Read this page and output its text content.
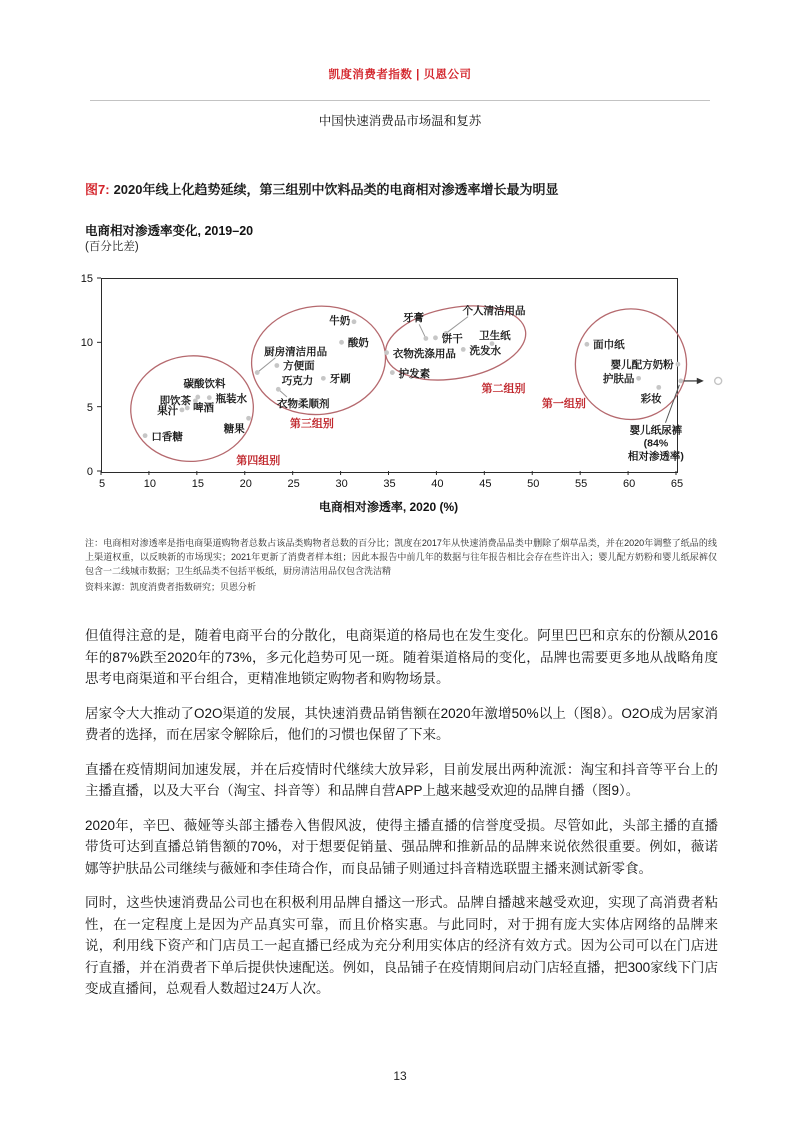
凯度消费者指数 | 贝恩公司
中国快速消费品市场温和复苏
图7: 2020年线上化趋势延续，第三组别中饮料品类的电商相对渗透率增长最为明显
电商相对渗透率变化, 2019–20
(百分比差)
5	10	15	20	25	30	35	40	45	50	55	60	65
0
5
10
15
碳酸饮料
即饮茶 瓶装水
果汁 啤酒
糖果
口香糖
第四组别
牛奶
酸奶
厨房清洁用品
方便面
巧克力 牙刷
衣物柔顺剂
第三组别
牙膏
个人清洁用品
饼干 卫生纸
洗发水
衣物洗涤用品
护发素
第二组别
面巾纸
婴儿配方奶粉
护肤品
彩妆
第一组别
婴儿纸尿裤
(84%
相对渗透率)
电商相对渗透率, 2020 (%)
注：电商相对渗透率是指电商渠道购物者总数占该品类购物者总数的百分比；凯度在2017年从快速消费品品类中删除了烟草品类，并在2020年调整了纸品的线上渠道权重，以反映新的市场现实；2021年更新了消费者样本组；因此本报告中前几年的数据与往年报告相比会存在些许出入；婴儿配方奶粉和婴儿纸尿裤仅包含一二线城市数据；卫生纸品类不包括平板纸，厨房清洁用品仅包含洗洁精
资料来源：凯度消费者指数研究；贝恩分析

但值得注意的是，随着电商平台的分散化，电商渠道的格局也在发生变化。阿里巴巴和京东的份额从2016年的87%跌至2020年的73%，多元化趋势可见一斑。随着渠道格局的变化，品牌也需要更多地从战略角度思考电商渠道和平台组合，更精准地锁定购物者和购物场景。

居家令大大推动了O2O渠道的发展，其快速消费品销售额在2020年激增50%以上（图8）。O2O成为居家消费者的选择，而在居家令解除后，他们的习惯也保留了下来。

直播在疫情期间加速发展，并在后疫情时代继续大放异彩，目前发展出两种流派：淘宝和抖音等平台上的主播直播，以及大平台（淘宝、抖音等）和品牌自营APP上越来越受欢迎的品牌自播（图9）。

2020年，辛巴、薇娅等头部主播卷入售假风波，使得主播直播的信誉度受损。尽管如此，头部主播的直播带货可达到直播总销售额的70%，对于想要促销量、强品牌和推新品的品牌来说依然很重要。例如，薇诺娜等护肤品公司继续与薇娅和李佳琦合作，而良品铺子则通过抖音精选联盟主播来测试新零食。

同时，这些快速消费品公司也在积极利用品牌自播这一形式。品牌自播越来越受欢迎，实现了高消费者粘性，在一定程度上是因为产品真实可靠，而且价格实惠。与此同时，对于拥有庞大实体店网络的品牌来说，利用线下资产和门店员工一起直播已经成为充分利用实体店的经济有效方式。因为公司可以在门店进行直播，并在消费者下单后提供快速配送。例如，良品铺子在疫情期间启动门店轻直播，把300家线下门店变成直播间，总观看人数超过24万人次。

13
